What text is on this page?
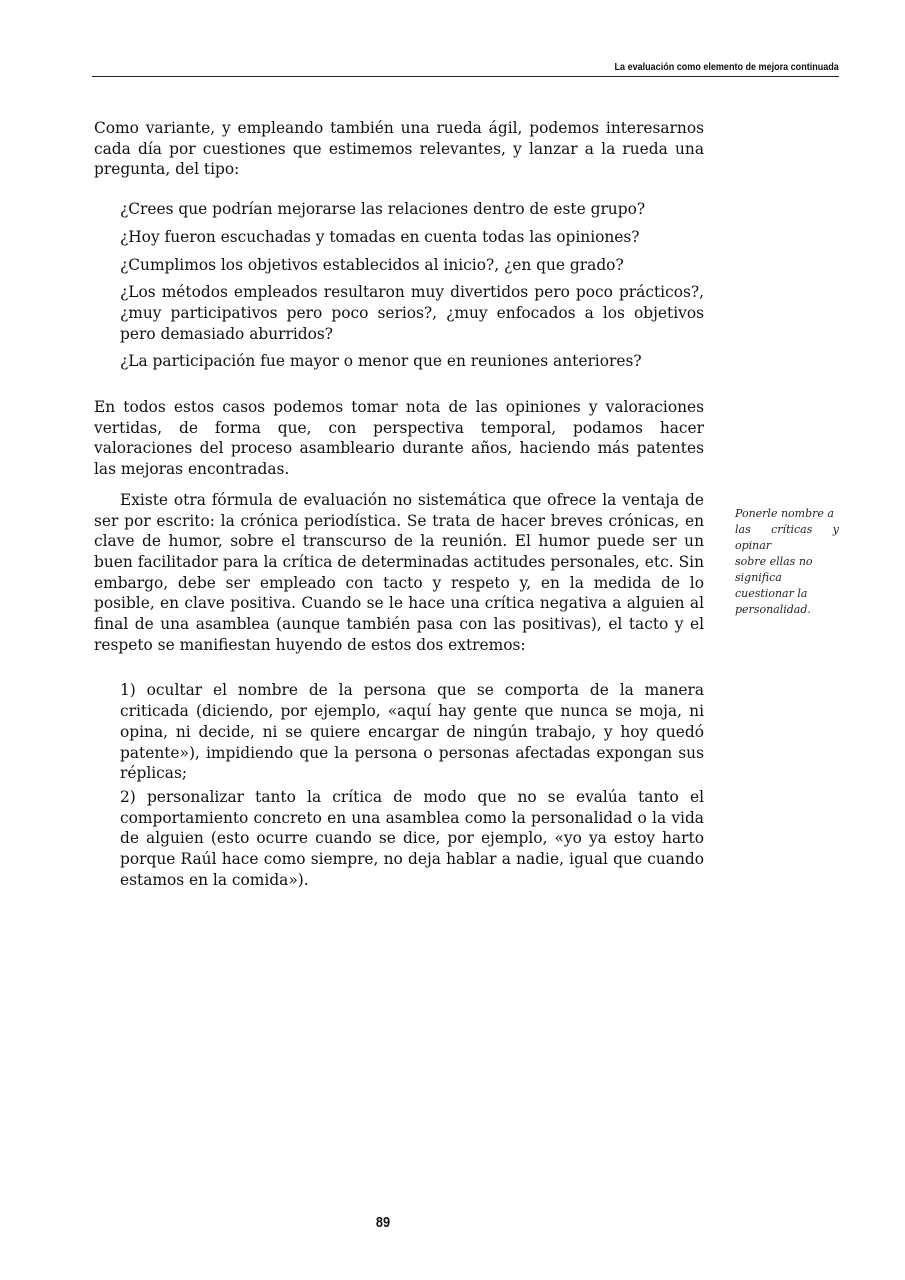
La evaluación como elemento de mejora continuada

Como variante, y empleando también una rueda ágil, podemos interesarnos cada día por cuestiones que estimemos relevantes, y lanzar a la rueda una pregunta, del tipo:

¿Crees que podrían mejorarse las relaciones dentro de este grupo?
¿Hoy fueron escuchadas y tomadas en cuenta todas las opiniones?
¿Cumplimos los objetivos establecidos al inicio?, ¿en que grado?
¿Los métodos empleados resultaron muy divertidos pero poco prácticos?, ¿muy participativos pero poco serios?, ¿muy enfocados a los objetivos pero demasiado aburridos?
¿La participación fue mayor o menor que en reuniones anteriores?

En todos estos casos podemos tomar nota de las opiniones y valoraciones vertidas, de forma que, con perspectiva temporal, podamos hacer valoraciones del proceso asambleario durante años, haciendo más patentes las mejoras encontradas.

Existe otra fórmula de evaluación no sistemática que ofrece la ventaja de ser por escrito: la crónica periodística. Se trata de hacer breves crónicas, en clave de humor, sobre el transcurso de la reunión. El humor puede ser un buen facilitador para la crítica de determinadas actitudes personales, etc. Sin embargo, debe ser empleado con tacto y respeto y, en la medida de lo posible, en clave positiva. Cuando se le hace una crítica negativa a alguien al final de una asamblea (aunque también pasa con las positivas), el tacto y el respeto se manifiestan huyendo de estos dos extremos:

1) ocultar el nombre de la persona que se comporta de la manera criticada (diciendo, por ejemplo, «aquí hay gente que nunca se moja, ni opina, ni decide, ni se quiere encargar de ningún trabajo, y hoy quedó patente»), impidiendo que la persona o personas afectadas expongan sus réplicas;
2) personalizar tanto la crítica de modo que no se evalúa tanto el comportamiento concreto en una asamblea como la personalidad o la vida de alguien (esto ocurre cuando se dice, por ejemplo, «yo ya estoy harto porque Raúl hace como siempre, no deja hablar a nadie, igual que cuando estamos en la comida»).
Ponerle nombre a
las críticas y opinar
sobre ellas no
significa
cuestionar la
personalidad.
89
